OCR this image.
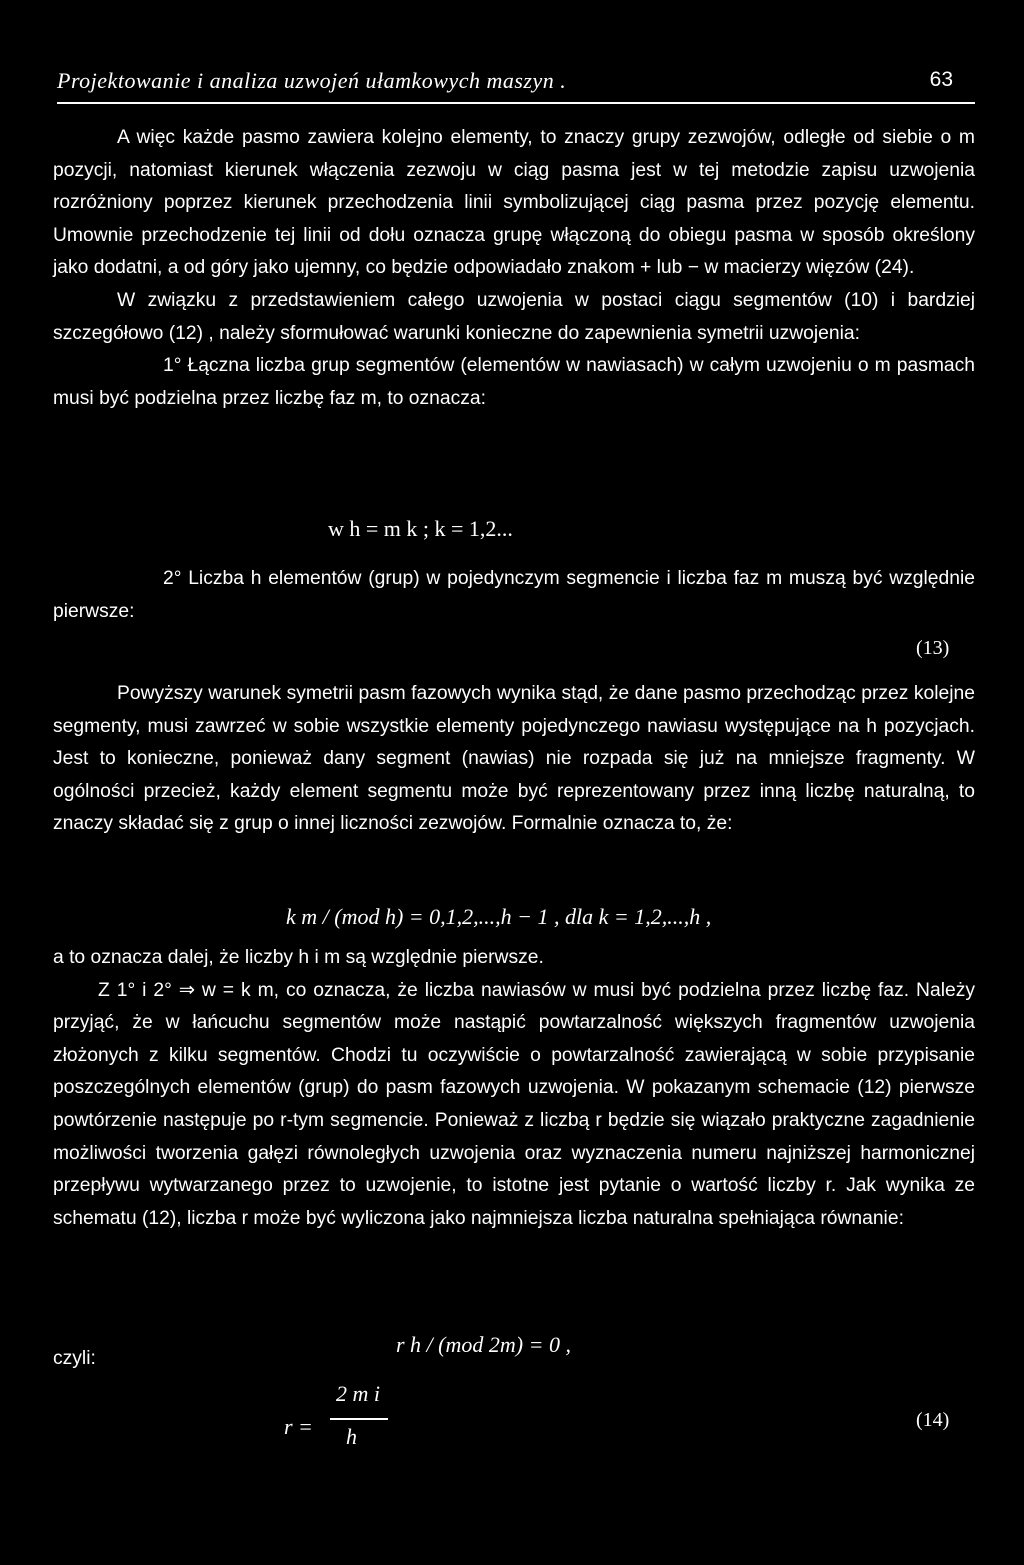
Projektowanie i analiza uzwojeń ułamkowych maszyn .	63

A więc każde pasmo zawiera kolejno elementy, to znaczy grupy zezwojów, odległe od siebie o m pozycji, natomiast kierunek włączenia zezwoju w ciąg pasma jest w tej metodzie zapisu uzwojenia rozróżniony poprzez kierunek przechodzenia linii symbolizującej ciąg pasma przez pozycję elementu. Umownie przechodzenie tej linii od dołu oznacza grupę włączoną do obiegu pasma w sposób określony jako dodatni, a od góry jako ujemny, co będzie odpowiadało znakom + lub − w macierzy więzów (24).

W związku z przedstawieniem całego uzwojenia w postaci ciągu segmentów (10) i bardziej szczegółowo (12) , należy sformułować warunki konieczne do zapewnienia symetrii uzwojenia:

1° Łączna liczba grup segmentów (elementów w nawiasach) w całym uzwojeniu o m pasmach musi być podzielna przez liczbę faz m, to oznacza:

w h = m k ; k = 1,2...

2° Liczba h elementów (grup) w pojedynczym segmencie i liczba faz m muszą być względnie pierwsze:

(13)

Powyższy warunek symetrii pasm fazowych wynika stąd, że dane pasmo przechodząc przez kolejne segmenty, musi zawrzeć w sobie wszystkie elementy pojedynczego nawiasu występujące na h pozycjach. Jest to konieczne, ponieważ dany segment (nawias) nie rozpada się już na mniejsze fragmenty. W ogólności przecież, każdy element segmentu może być reprezentowany przez inną liczbę naturalną, to znaczy składać się z grup o innej liczności zezwojów. Formalnie oznacza to, że:

k m / (mod h) = 0,1,2,...,h − 1 , dla k = 1,2,...,h ,

a to oznacza dalej, że liczby h i m są względnie pierwsze.

Z 1° i 2° ⇒ w = k m, co oznacza, że liczba nawiasów w musi być podzielna przez liczbę faz. Należy przyjąć, że w łańcuchu segmentów może nastąpić powtarzalność większych fragmentów uzwojenia złożonych z kilku segmentów. Chodzi tu oczywiście o powtarzalność zawierającą w sobie przypisanie poszczególnych elementów (grup) do pasm fazowych uzwojenia. W pokazanym schemacie (12) pierwsze powtórzenie następuje po r-tym segmencie. Ponieważ z liczbą r będzie się wiązało praktyczne zagadnienie możliwości tworzenia gałęzi równoległych uzwojenia oraz wyznaczenia numeru najniższej harmonicznej przepływu wytwarzanego przez to uzwojenie, to istotne jest pytanie o wartość liczby r. Jak wynika ze schematu (12), liczba r może być wyliczona jako najmniejsza liczba naturalna spełniająca równanie:

r h / (mod 2m) = 0 ,
czyli:
r =
2 m i
h
(14)
